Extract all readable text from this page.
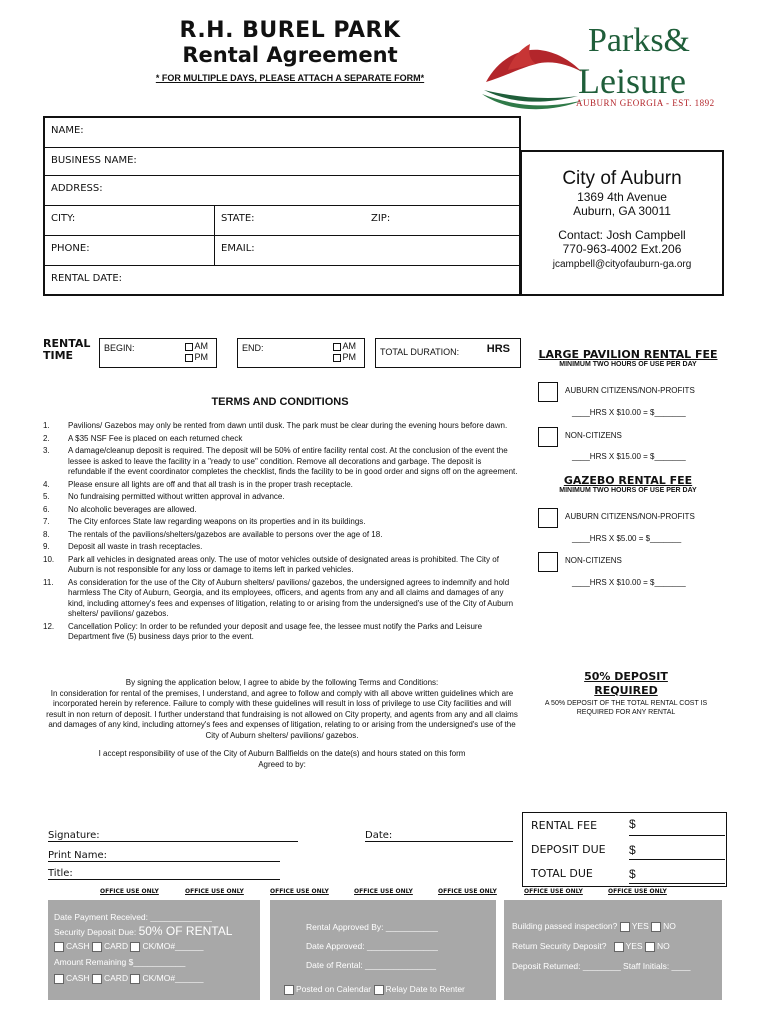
R.H. BUREL PARK
Rental Agreement
* FOR MULTIPLE DAYS, PLEASE ATTACH A SEPARATE FORM*
Parks&
Leisure
AUBURN GEORGIA - EST. 1892
NAME:
BUSINESS NAME:
ADDRESS:
CITY:	STATE:	ZIP:
PHONE:	EMAIL:
RENTAL DATE:
City of Auburn
1369 4th Avenue
Auburn, GA 30011
Contact: Josh Campbell
770-963-4002 Ext.206
jcampbell@cityofauburn-ga.org
RENTAL
TIME
BEGIN:	AM
PM
END:	AM
PM	TOTAL DURATION:	HRS	LARGE PAVILION RENTAL FEE
MINIMUM TWO HOURS OF USE PER DAY
AUBURN CITIZENS/NON-PROFITS
____HRS X $10.00 = $_______
NON-CITIZENS
____HRS X $15.00 = $_______
GAZEBO RENTAL FEE
MINIMUM TWO HOURS OF USE PER DAY
AUBURN CITIZENS/NON-PROFITS
____HRS X $5.00 = $_______
NON-CITIZENS
____HRS X $10.00 = $_______
TERMS AND CONDITIONS
1. Pavilions/ Gazebos may only be rented from dawn until dusk. The park must be clear during the evening hours before dawn.
2. A $35 NSF Fee is placed on each returned check
3. A damage/cleanup deposit is required. The deposit will be 50% of entire facility rental cost. At the conclusion of the event the lessee is asked to leave the facility in a "ready to use" condition. Remove all decorations and garbage. The deposit is refundable if the event coordinator completes the checklist, finds the facility to be in good order and signs off on the agreement.
4. Please ensure all lights are off and that all trash is in the proper trash receptacle.
5. No fundraising permitted without written approval in advance.
6. No alcoholic beverages are allowed.
7. The City enforces State law regarding weapons on its properties and in its buildings.
8. The rentals of the pavilions/shelters/gazebos are available to persons over the age of 18.
9. Deposit all waste in trash receptacles.
10. Park all vehicles in designated areas only. The use of motor vehicles outside of designated areas is prohibited. The City of Auburn is not responsible for any loss or damage to items left in parked vehicles.
11. As consideration for the use of the City of Auburn shelters/ pavilions/ gazebos, the undersigned agrees to indemnify and hold harmless The City of Auburn, Georgia, and its employees, officers, and agents from any and all claims and damages of any kind, including attorney's fees and expenses of litigation, relating to or arising from the undersigned's use of the City of Auburn shelters/ pavilions/ gazebos.
12. Cancellation Policy: In order to be refunded your deposit and usage fee, the lessee must notify the Parks and Leisure Department five (5) business days prior to the event.
By signing the application below, I agree to abide by the following Terms and Conditions:
In consideration for rental of the premises, I understand, and agree to follow and comply with all above written guidelines which are incorporated herein by reference. Failure to comply with these guidelines will result in loss of privilege to use City facilities and will result in non return of deposit. I further understand that fundraising is not allowed on City property, and agents from any and all claims and damages of any kind, including attorney's fees and expenses of litigation, relating to or arising from the undersigned's use of the City of Auburn shelters/ pavilions/ gazebos.
I accept responsibility of use of the City of Auburn Ballfields on the date(s) and hours stated on this form
Agreed to by:
50% DEPOSIT
REQUIRED
A 50% DEPOSIT OF THE TOTAL RENTAL COST IS REQUIRED FOR ANY RENTAL
Signature:	Date:
Print Name:
Title:
RENTAL FEE	$
DEPOSIT DUE $
TOTAL DUE	$
OFFICE USE ONLY	OFFICE USE ONLY	OFFICE USE ONLY	OFFICE USE ONLY	OFFICE USE ONLY	OFFICE USE ONLY	OFFICE USE ONLY
Date Payment Received: _____________
Security Deposit Due: 50% OF RENTAL
CASH CARD CK/MO#______
Amount Remaining $___________
CASH CARD CK/MO#______
Rental Approved By: ___________
Date Approved: _______________
Date of Rental: _______________
Posted on Calendar Relay Date to Renter
Building passed inspection? YES NO
Return Security Deposit? YES NO
Deposit Returned: ________ Staff Initials: ____
